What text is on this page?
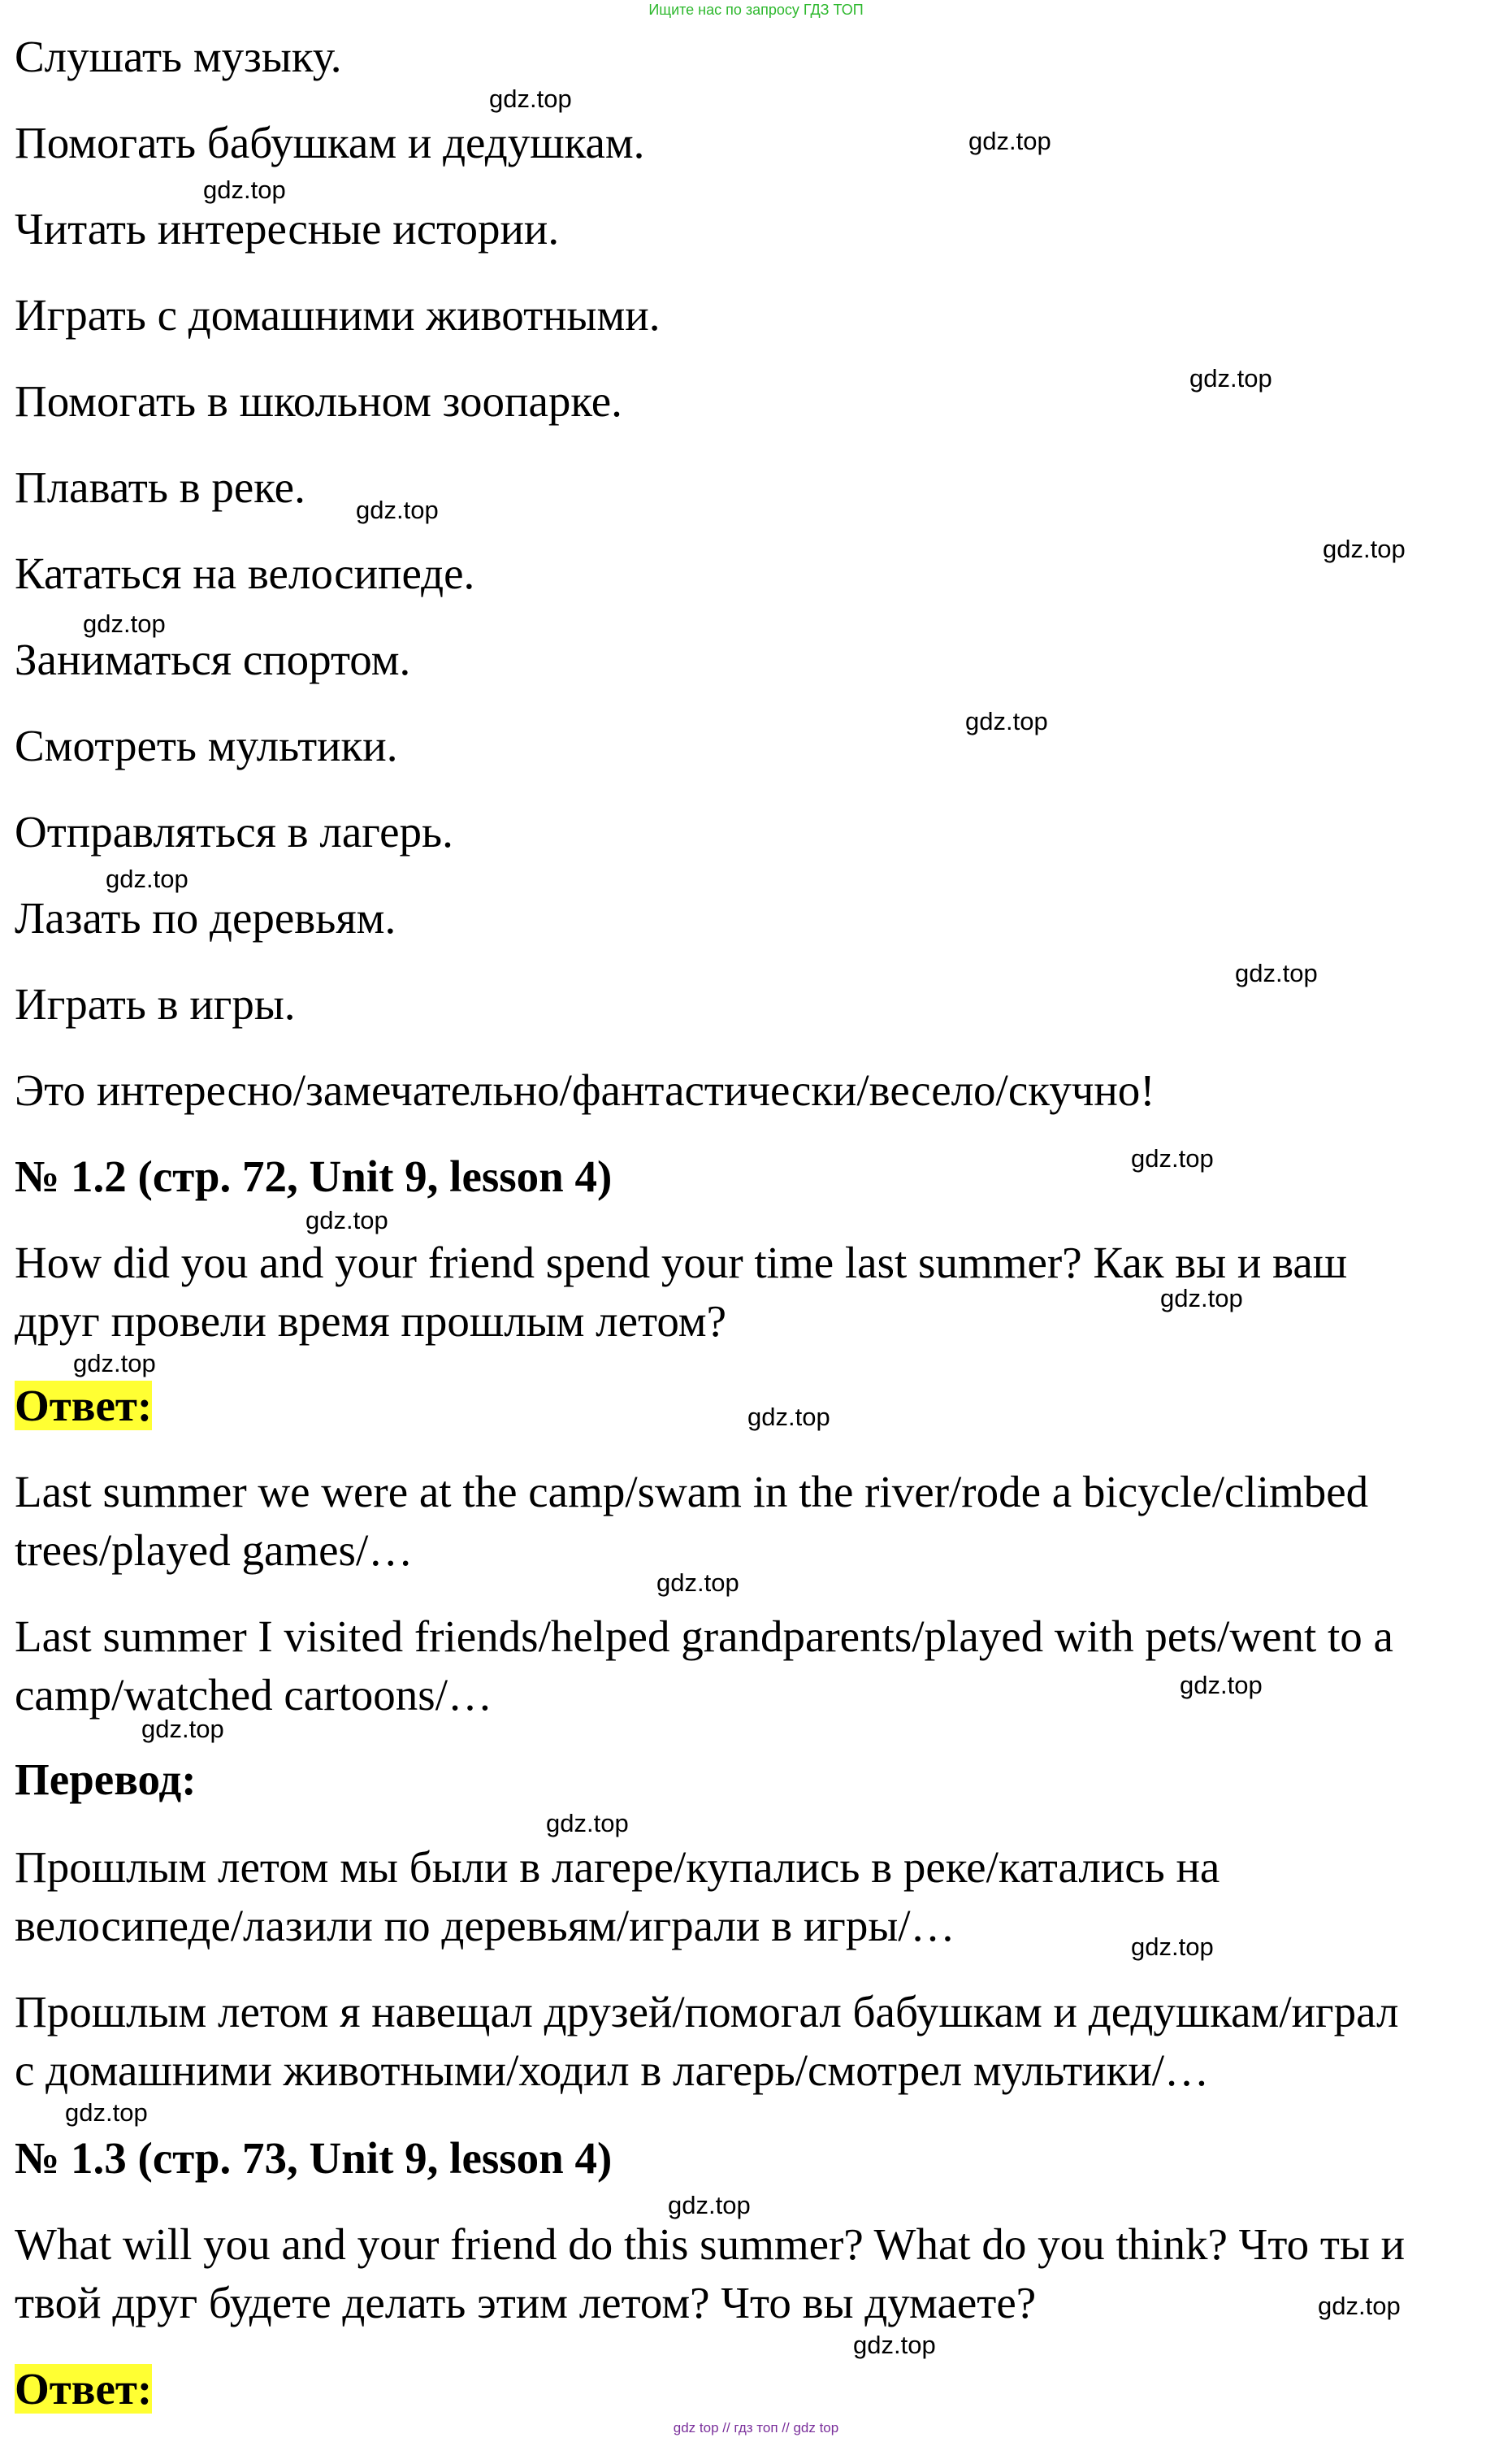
Ищите нас по запросу ГДЗ ТОП
Слушать музыку.
Помогать бабушкам и дедушкам.
Читать интересные истории.
Играть с домашними животными.
Помогать в школьном зоопарке.
Плавать в реке.
Кататься на велосипеде.
Заниматься спортом.
Смотреть мультики.
Отправляться в лагерь.
Лазать по деревьям.
Играть в игры.
Это интересно/замечательно/фантастически/весело/скучно!
№ 1.2 (стр. 72, Unit 9, lesson 4)
How did you and your friend spend your time last summer? Как вы и ваш
друг провели время прошлым летом?
Ответ:
Last summer we were at the camp/swam in the river/rode a bicycle/climbed
trees/played games/…
Last summer I visited friends/helped grandparents/played with pets/went to a
camp/watched cartoons/…
Перевод:
Прошлым летом мы были в лагере/купались в реке/катались на
велосипеде/лазили по деревьям/играли в игры/…
Прошлым летом я навещал друзей/помогал бабушкам и дедушкам/играл
с домашними животными/ходил в лагерь/смотрел мультики/…
№ 1.3 (стр. 73, Unit 9, lesson 4)
What will you and your friend do this summer? What do you think? Что ты и
твой друг будете делать этим летом? Что вы думаете?
Ответ:
gdz.top
gdz.top
gdz.top
gdz.top
gdz.top
gdz.top
gdz.top
gdz.top
gdz.top
gdz.top
gdz.top
gdz.top
gdz.top
gdz.top
gdz.top
gdz.top
gdz.top
gdz.top
gdz.top
gdz.top
gdz.top
gdz.top
gdz.top
gdz.top
gdz top // гдз топ // gdz top
